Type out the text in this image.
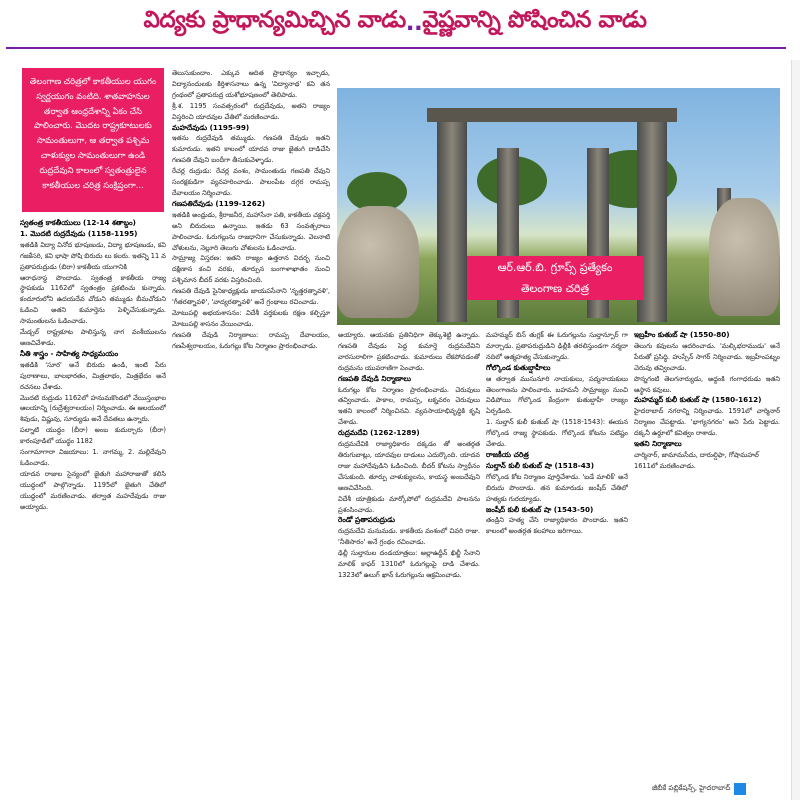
విద్యకు ప్రాధాన్యమిచ్చిన వాడు .. వైష్ణవాన్ని పోషించిన వాడు
తెలంగాణ చరిత్రలో కాకతీయుల యుగం స్వర్ణయుగం వంటిది. శాతవాహనుల తర్వాత ఆంధ్రదేశాన్ని ఏకం చేసి పాలించారు. మొదట రాష్ట్రకూటులకు సామంతులుగా, ఆ తర్వాత పశ్చిమ చాళుక్యుల సామంతులుగా ఉండి రుద్రదేవుని కాలంలో స్వతంత్రులైన కాకతీయుల చరిత్ర సంక్షిప్తంగా...
ఆర్.ఆర్.బి. గ్రూప్స్ ప్రత్యేకం
తెలంగాణ చరిత్ర

స్వతంత్ర కాకతీయులు (12-14 శతాబ్దం)

1. మొదటి రుద్రదేవుడు (1158-1195)

ఇతడికి విద్యా వినోద భూషణుడు, విద్యా భూషణుడు, కవి గజకేసరి, కవి భాషా పోషి బిరుదు లు కలరు. ఇతన్ని 11 వ ప్రతాపరుద్రుడు (బిరా) కాకతీయ యుగానికి

ఆరాధనాస్థ పొందాడు. స్వతంత్ర కాకతీయ రాజ్య స్థాపకుడు 1162లో స్వతంత్రం ప్రకటించు కున్నాడు. కందూరులోని ఉదయదేవ చోడుని తమ్ముడు బీమచోడుని ఓడించి అతని కుమార్తెను పెళ్ళిచేసుకున్నాడు. సామంతులను ఓడించాడు.

మేడ్చల్ రాష్ట్రకూట పాలిస్తున్న నాగ వంశీయులను అణచివేశాడు.

నీతి శాస్త్రం - సాహిత్య సాధ్యమయం

ఇతడికి 'సూర' అనే బిరుదు ఉండి, ఇంటి పేరు పురాణాలు, బాలభారతం, మిత్రలాభం, మిత్రభేదం అనే రచనలు చేశాడు.

మొదటి రుద్రుడు 1162లో హనుమకొండలో వేయిస్తంభాల ఆలయాన్ని (రుద్రేశ్వరాలయం) నిర్మించాడు. ఈ ఆలయంలో శివుడు, విష్ణువు, సూర్యుడు అనే దేవతలు ఉన్నారు.

పల్నాటి యుద్ధం (బీరా) అంబ కుదుర్చారు (బీరా) కారంపూడిలో యుద్ధం 1182

సంగామాగారా విజయాలు: 1. నాగమ్మ, 2. మల్లిదేవుని ఓడించాడు.

యాదవ రాజుల సైన్యంలో జైతుగి మహారాజుతో కలిసి యుద్ధంలో పాల్గొన్నాడు. 1195లో జైతుగి చేతిలో యుద్ధంలో మరణించాడు. తర్వాత మహదేవుడు రాజు అయ్యాడు.

తెలుసుకుందాం. ఎక్కువ ఆదిత ప్రాధాన్యం ఇచ్చాడు, విద్యానందులకు కిర్తిశాసనాలు ఉన్న 'విద్యానాథ' కవి తన గ్రంథంలో ప్రతాపరుద్ర యశోభూషణంలో తెలిపాడు.

శ్రీ.శ. 1195 సంవత్సరంలో రుద్రదేవుడు, అతని రాజ్యం విస్తరించి యాదవుల చేతిలో మరణించాడు.

మహదేవుడు (1195-99)

ఇతను రుద్రదేవుడి తమ్ముడు. గణపతి దేవుడు ఇతని కుమారుడు. ఇతని కాలంలో యాదవ రాజు జైతుగి దాడిచేసి గణపతి దేవుని బందీగా తీసుకువెళ్ళాడు.

రేచర్ల రుద్రుడు: రేచర్ల వంశం, సామంతుడు గణపతి దేవుని సంరక్షకుడిగా వ్యవహరించాడు. పాలంపేట దగ్గర రామప్ప దేవాలయం నిర్మించాడు.

గణపతిదేవుడు (1199-1262)

ఇతడికి అంధ్రుడు, శ్రీరాజనీర, మహాసేనా పతి, కాకతీయ చక్రవర్తి అని బిరుదులు ఉన్నాయి. ఇతడు 63 సంవత్సరాలు పాలించాడు. ఓరుగల్లును రాజధానిగా చేసుకున్నాడు. వెలనాటి చోళులను, నెల్లూరి తెలుగు చోళులను ఓడించాడు.

సామ్రాజ్య విస్తరణ: ఇతని రాజ్యం ఉత్తరాన విదర్భ నుంచి దక్షిణాన కంచి వరకు, తూర్పున బంగాళాఖాతం నుంచి పశ్చిమాన బీదర్ వరకు విస్తరించింది.

గణపతి దేవుడి సైనికాధ్యక్షుడు జాయపసేనాని 'నృత్తరత్నావళి', 'గీతరత్నావళి', 'వాద్యరత్నావళి' అనే గ్రంథాలు రచించాడు.

మోటుపల్లి అభయశాసనం: విదేశీ వర్తకులకు రక్షణ కల్పిస్తూ మోటుపల్లి శాసనం వేయించాడు.

గణపతి దేవుడి నిర్మాణాలు: రామప్ప దేవాలయం, గణపేశ్వరాలయం, ఓరుగల్లు కోట నిర్మాణం ప్రారంభించాడు.

అయ్యారు. ఆయనకు ప్రతినిధిగా తెక్కుశెట్టి ఉన్నాడు. గణపతి దేవుడు పెద్ద కుమార్తె రుద్రమదేవిని వారసురాలిగా ప్రకటించాడు. కుమారులు లేకపోవడంతో రుద్రమను యువరాణిగా పెంచాడు.

గణపతి దేవుడి నిర్మాణాలు

ఓరుగల్లు కోట నిర్మాణం ప్రారంభించాడు. చెరువులు తవ్వించాడు. పాకాల, రామప్ప, లక్నవరం చెరువులు ఇతని కాలంలో నిర్మించినవి. వ్యవసాయాభివృద్ధికి కృషి చేశాడు.

రుద్రమదేవి (1262-1289)

రుద్రమదేవికి రాజ్యాధికారం దక్కడం తో అంతర్గత తిరుగుబాట్లు, యాదవుల దాడులు ఎదుర్కొంది. యాదవ రాజు మహాదేవుడిని ఓడించింది. బీదర్ కోటను స్వాధీనం చేసుకుంది. తూర్పు చాళుక్యులను, కాయస్థ అంబదేవుని అణచివేసింది.

విదేశీ యాత్రికుడు మార్కోపోలో రుద్రమదేవి పాలనను ప్రశంసించాడు.

రెండో ప్రతాపరుద్రుడు

రుద్రమదేవి మనుమడు. కాకతీయ వంశంలో చివరి రాజు. 'నీతిసారం' అనే గ్రంథం రచించాడు.

ఢిల్లీ సుల్తానుల దండయాత్రలు: అల్లాఉద్దీన్ ఖిల్జీ సేనాని మాలిక్ కాఫర్ 1310లో ఓరుగల్లుపై దాడి చేశాడు. 1323లో ఉలుగ్ ఖాన్ ఓరుగల్లును ఆక్రమించాడు.

మహమ్మద్ బిన్ తుగ్లక్ ఈ ఓరుగల్లును సుల్తాన్పూర్ గా మార్చాడు. ప్రతాపరుద్రుడిని ఢిల్లీకి తరలిస్తుండగా నర్మదా నదిలో ఆత్మహత్య చేసుకున్నాడు.

గోల్కొండ కుతుబ్షాహీలు

ఆ తర్వాత ముసునూరి నాయకులు, పద్మనాయకులు తెలంగాణను పాలించారు. బహమనీ సామ్రాజ్యం నుంచి విడిపోయి గోల్కొండ కేంద్రంగా కుతుబ్షాహీ రాజ్యం ఏర్పడింది.

1. సుల్తాన్ కులీ కుతుబ్ షా (1518-1543): ఈయన గోల్కొండ రాజ్య స్థాపకుడు. గోల్కొండ కోటను పటిష్టం చేశాడు.

రాజకీయ చరిత్ర

సుల్తాన్ కులీ కుతుబ్ షా (1518-43)

గోల్కొండ కోట నిర్మాణం పూర్తిచేశాడు. 'బడే మాలిక్' అనే బిరుదు పొందాడు. తన కుమారుడు జంషీద్ చేతిలో హత్యకు గురయ్యాడు.

జంషీద్ కులీ కుతుబ్ షా (1543-50)

తండ్రిని హత్య చేసి రాజ్యాధికారం పొందాడు. ఇతని కాలంలో అంతర్గత కలహాలు జరిగాయి.

ఇబ్రహీం కుతుబ్ షా (1550-80)

తెలుగు కవులను ఆదరించాడు. 'మల్కిభరాముడు' అనే పేరుతో ప్రసిద్ధి. హుస్సేన్ సాగర్ నిర్మించాడు. ఇబ్రహీంపట్నం చెరువు తవ్వించాడు.

పొన్నగంటి తెలగనార్యుడు, అద్దంకి గంగాధరుడు ఇతని ఆస్థాన కవులు.

మహమ్మద్ కులీ కుతుబ్ షా (1580-1612)

హైదరాబాద్ నగరాన్ని నిర్మించాడు. 1591లో చార్మినార్ నిర్మాణం చేపట్టాడు. 'భాగ్యనగరం' అని పేరు పెట్టాడు. దక్కనీ ఉర్దూలో కవిత్వం రాశాడు.

ఇతని నిర్మాణాలు

చార్మినార్, జామామసీదు, దారుల్షిఫా, గోషామహల్

1611లో మరణించాడు.

జీబీకే పబ్లికేషన్స్, హైదరాబాద్
